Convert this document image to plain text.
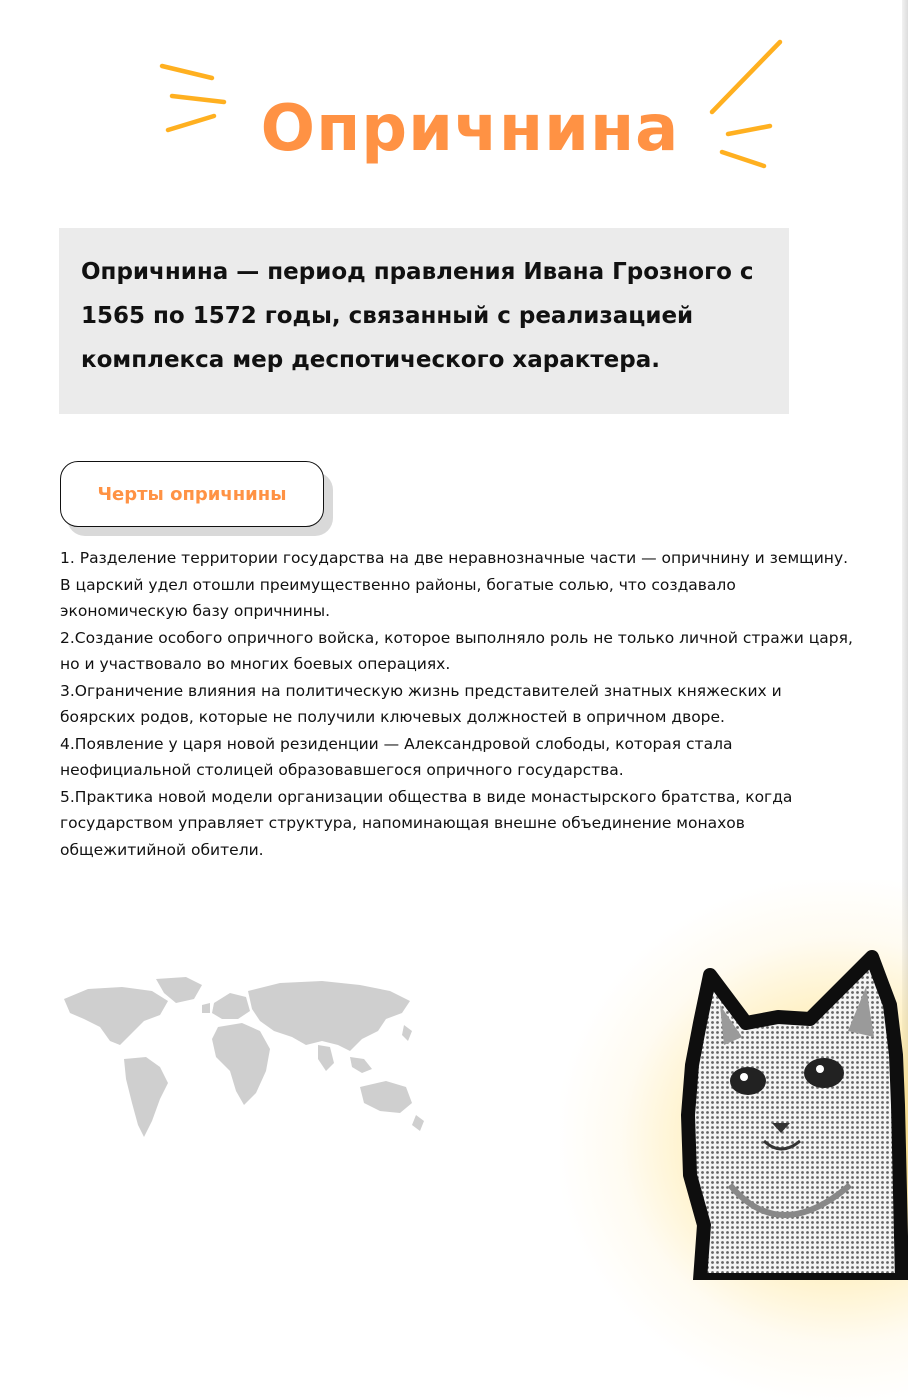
Опричнина
Опричнина — период правления Ивана Грозного с 1565 по 1572 годы, связанный с реализацией комплекса мер деспотического характера.
Черты опричнины

1. Разделение территории государства на две неравнозначные части — опричнину и земщину. В царский удел отошли преимущественно районы, богатые солью, что создавало экономическую базу опричнины.

2.Создание особого опричного войска, которое выполняло роль не только личной стражи царя, но и участвовало во многих боевых операциях.

3.Ограничение влияния на политическую жизнь представителей знатных княжеских и боярских родов, которые не получили ключевых должностей в опричном дворе.

4.Появление у царя новой резиденции — Александровой слободы, которая стала неофициальной столицей образовавшегося опричного государства.

5.Практика новой модели организации общества в виде монастырского братства, когда государством управляет структура, напоминающая внешне объединение монахов общежитийной обители.
